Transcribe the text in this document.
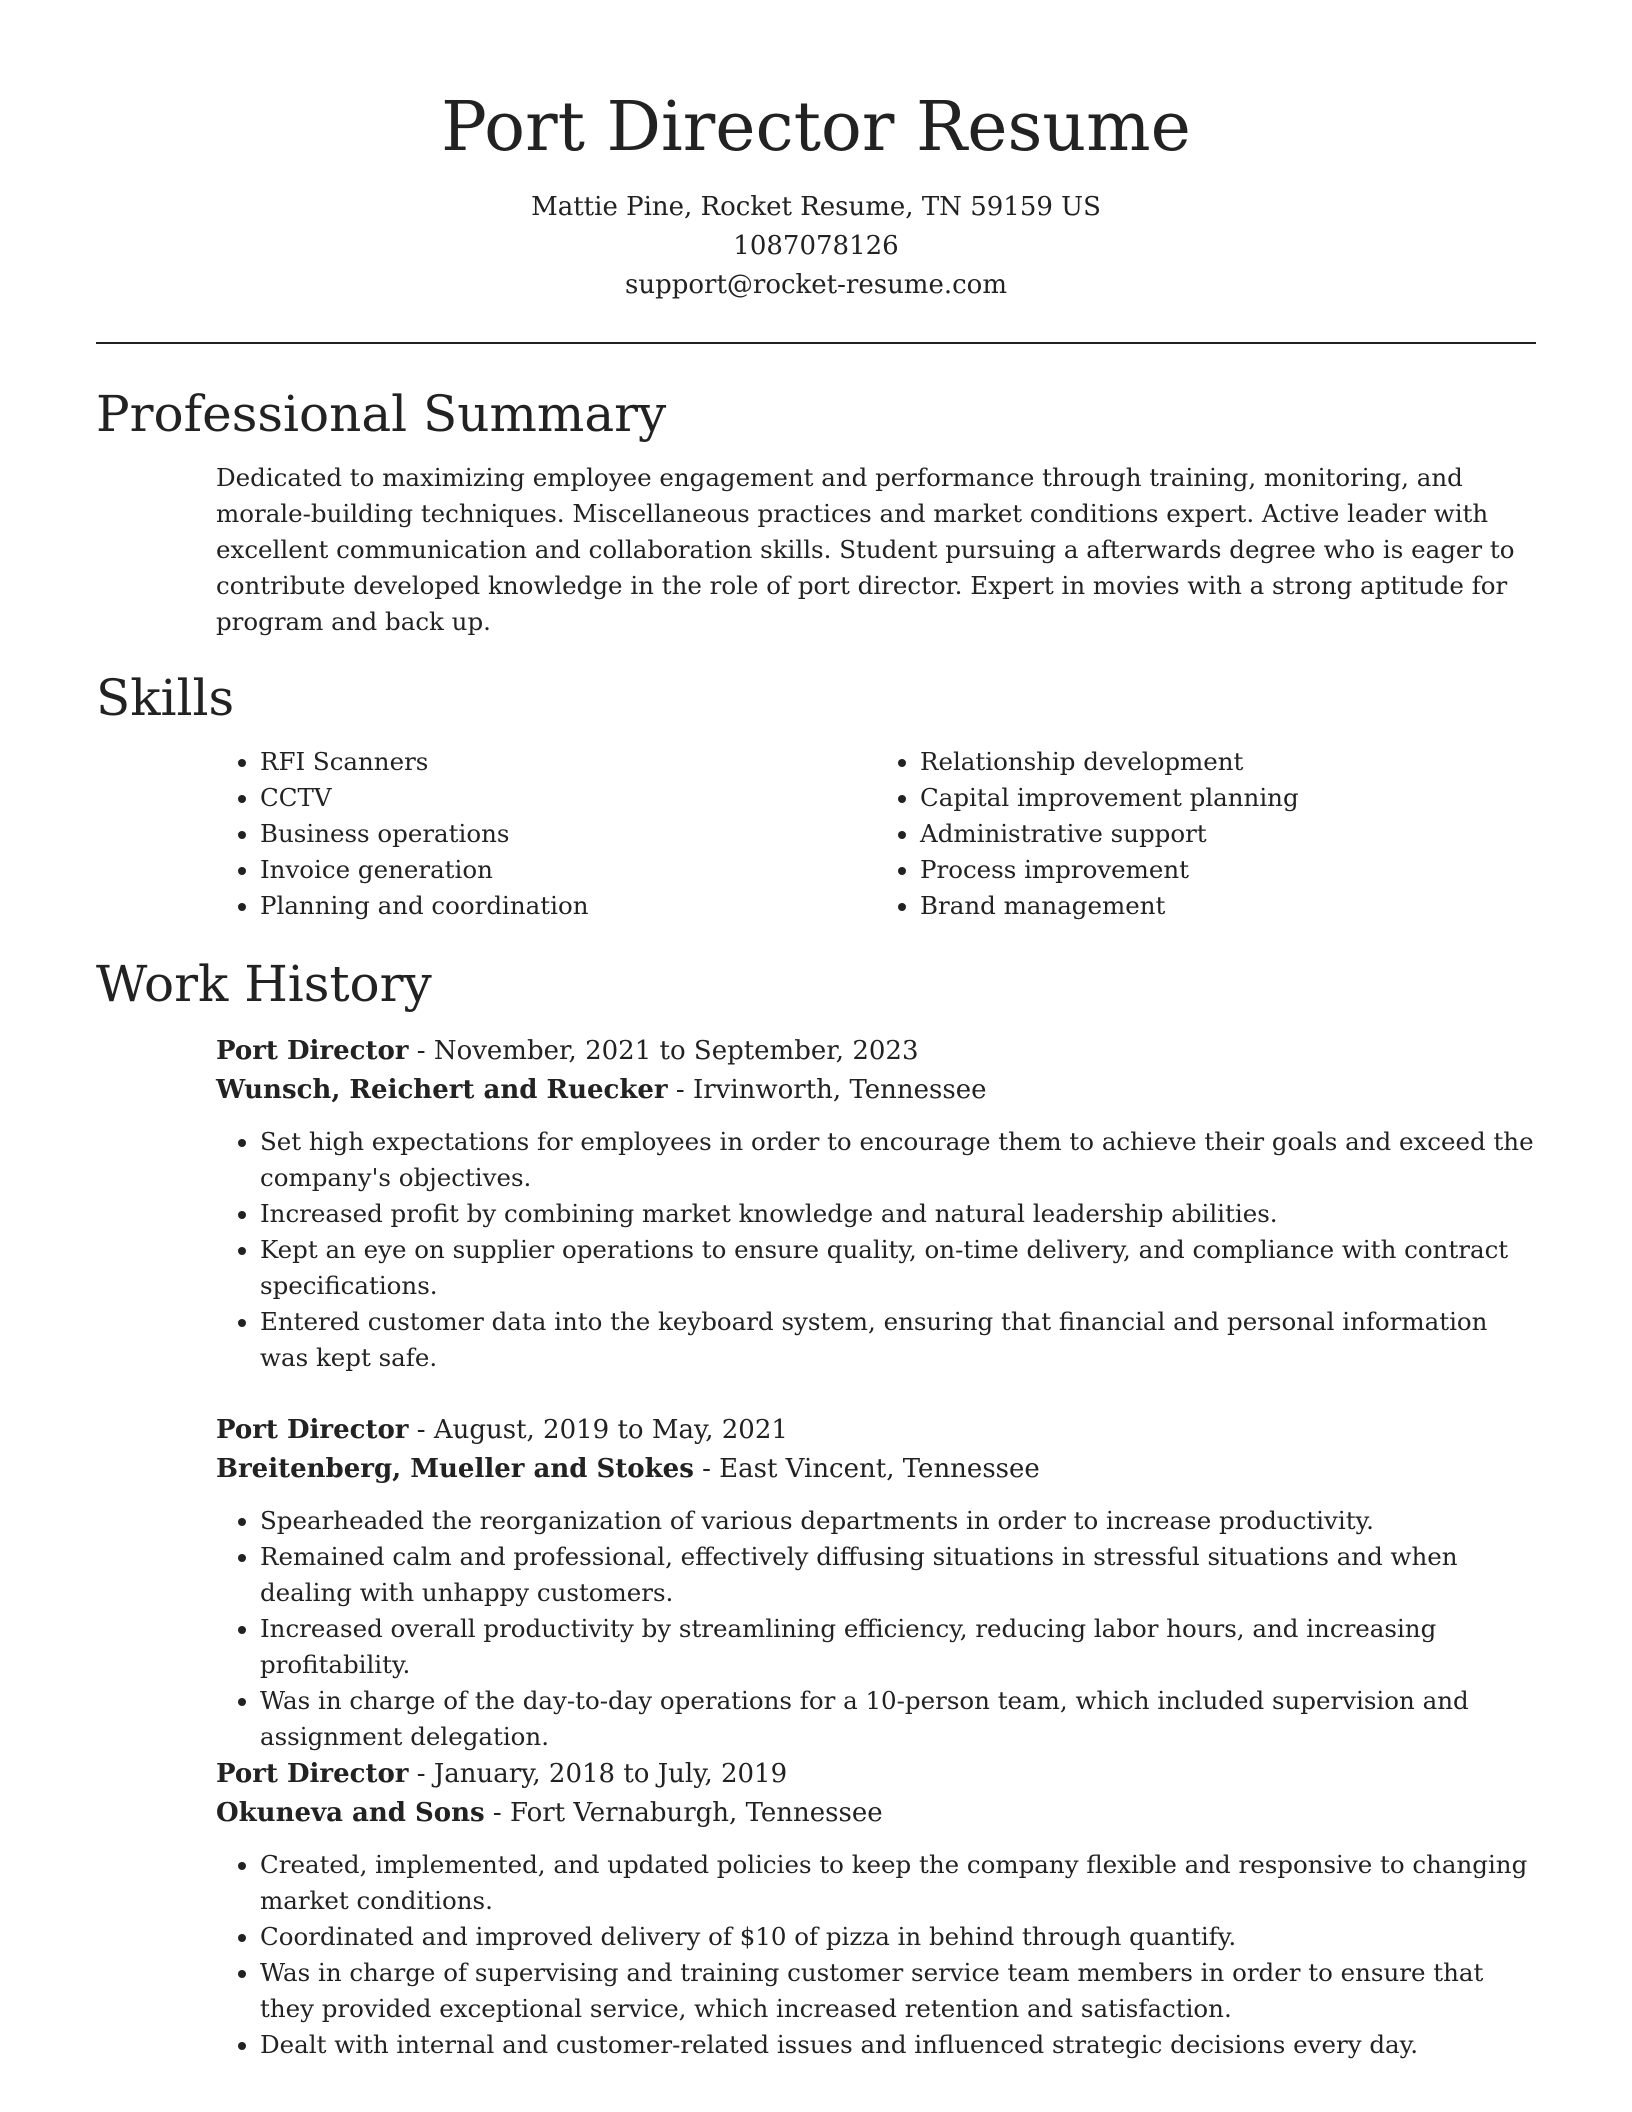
Port Director Resume
Mattie Pine, Rocket Resume, TN 59159 US
1087078126
support@rocket-resume.com
Professional Summary
Dedicated to maximizing employee engagement and performance through training, monitoring, and morale-building techniques. Miscellaneous practices and market conditions expert. Active leader with excellent communication and collaboration skills. Student pursuing a afterwards degree who is eager to contribute developed knowledge in the role of port director. Expert in movies with a strong aptitude for program and back up.
Skills
• RFI Scanners
• CCTV
• Business operations
• Invoice generation
• Planning and coordination
• Relationship development
• Capital improvement planning
• Administrative support
• Process improvement
• Brand management
Work History
Port Director - November, 2021 to September, 2023
Wunsch, Reichert and Ruecker - Irvinworth, Tennessee
• Set high expectations for employees in order to encourage them to achieve their goals and exceed the company's objectives.
• Increased profit by combining market knowledge and natural leadership abilities.
• Kept an eye on supplier operations to ensure quality, on-time delivery, and compliance with contract specifications.
• Entered customer data into the keyboard system, ensuring that financial and personal information was kept safe.
Port Director - August, 2019 to May, 2021
Breitenberg, Mueller and Stokes - East Vincent, Tennessee
• Spearheaded the reorganization of various departments in order to increase productivity.
• Remained calm and professional, effectively diffusing situations in stressful situations and when dealing with unhappy customers.
• Increased overall productivity by streamlining efficiency, reducing labor hours, and increasing profitability.
• Was in charge of the day-to-day operations for a 10-person team, which included supervision and assignment delegation.
Port Director - January, 2018 to July, 2019
Okuneva and Sons - Fort Vernaburgh, Tennessee
• Created, implemented, and updated policies to keep the company flexible and responsive to changing market conditions.
• Coordinated and improved delivery of $10 of pizza in behind through quantify.
• Was in charge of supervising and training customer service team members in order to ensure that they provided exceptional service, which increased retention and satisfaction.
• Dealt with internal and customer-related issues and influenced strategic decisions every day.
